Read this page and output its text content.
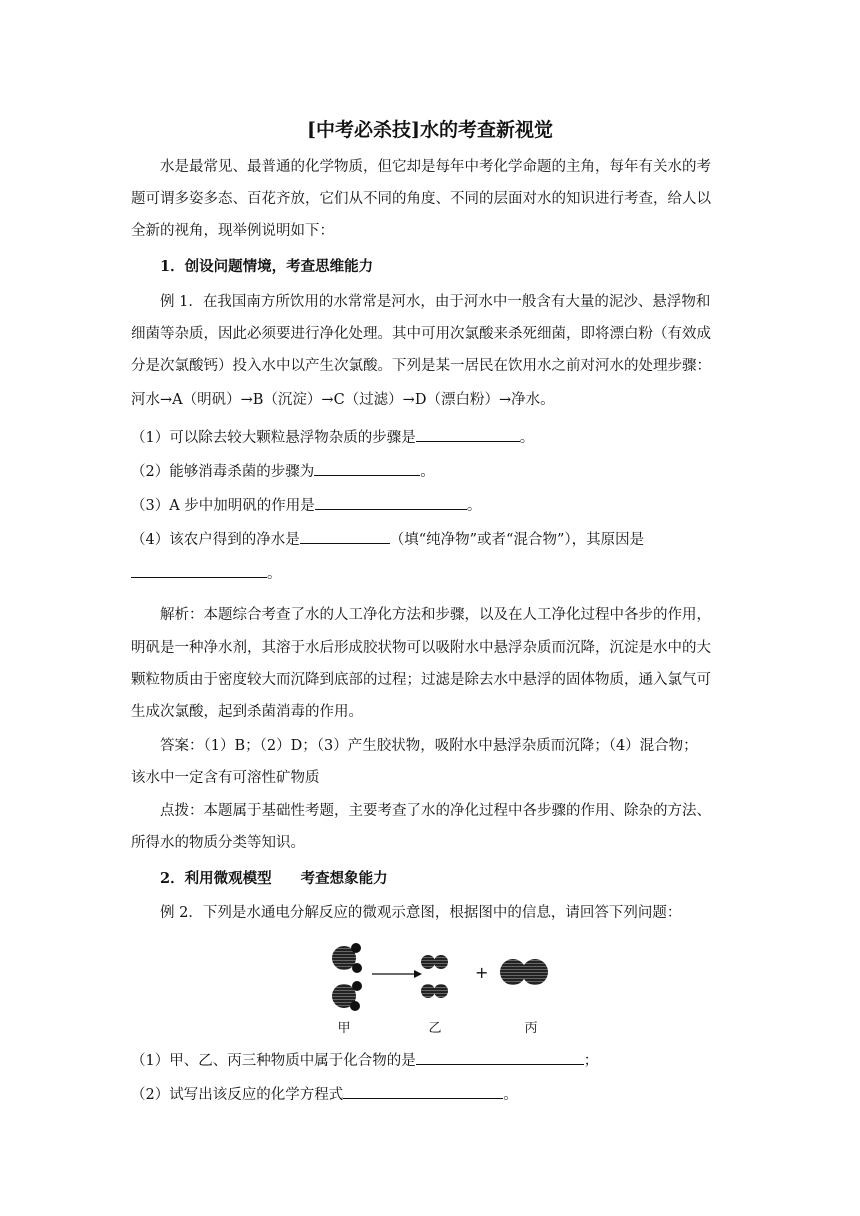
[中考必杀技]水的考查新视觉
水是最常见、最普通的化学物质，但它却是每年中考化学命题的主角，每年有关水的考
题可谓多姿多态、百花齐放，它们从不同的角度、不同的层面对水的知识进行考查，给人以
全新的视角，现举例说明如下：
1．创设问题情境，考查思维能力
例 1．在我国南方所饮用的水常常是河水，由于河水中一般含有大量的泥沙、悬浮物和
细菌等杂质，因此必须要进行净化处理。其中可用次氯酸来杀死细菌，即将漂白粉（有效成
分是次氯酸钙）投入水中以产生次氯酸。下列是某一居民在饮用水之前对河水的处理步骤：
河水→A（明矾）→B（沉淀）→C（过滤）→D（漂白粉）→净水。
（1）可以除去较大颗粒悬浮物杂质的步骤是	。
（2）能够消毒杀菌的步骤为	。
（3）A 步中加明矾的作用是	。
（4）该农户得到的净水是	（填“纯净物”或者“混合物”），其原因是
。
解析：本题综合考查了水的人工净化方法和步骤，以及在人工净化过程中各步的作用，
明矾是一种净水剂，其溶于水后形成胶状物可以吸附水中悬浮杂质而沉降，沉淀是水中的大
颗粒物质由于密度较大而沉降到底部的过程；过滤是除去水中悬浮的固体物质，通入氯气可
生成次氯酸，起到杀菌消毒的作用。
答案：（1）B；（2）D；（3）产生胶状物，吸附水中悬浮杂质而沉降；（4）混合物；
该水中一定含有可溶性矿物质
点拨：本题属于基础性考题，主要考查了水的净化过程中各步骤的作用、除杂的方法、
所得水的物质分类等知识。
2．利用微观模型　　考查想象能力
例 2．下列是水通电分解反应的微观示意图，根据图中的信息，请回答下列问题：
+
甲	乙	丙
（1）甲、乙、丙三种物质中属于化合物的是	；
（2）试写出该反应的化学方程式	。
